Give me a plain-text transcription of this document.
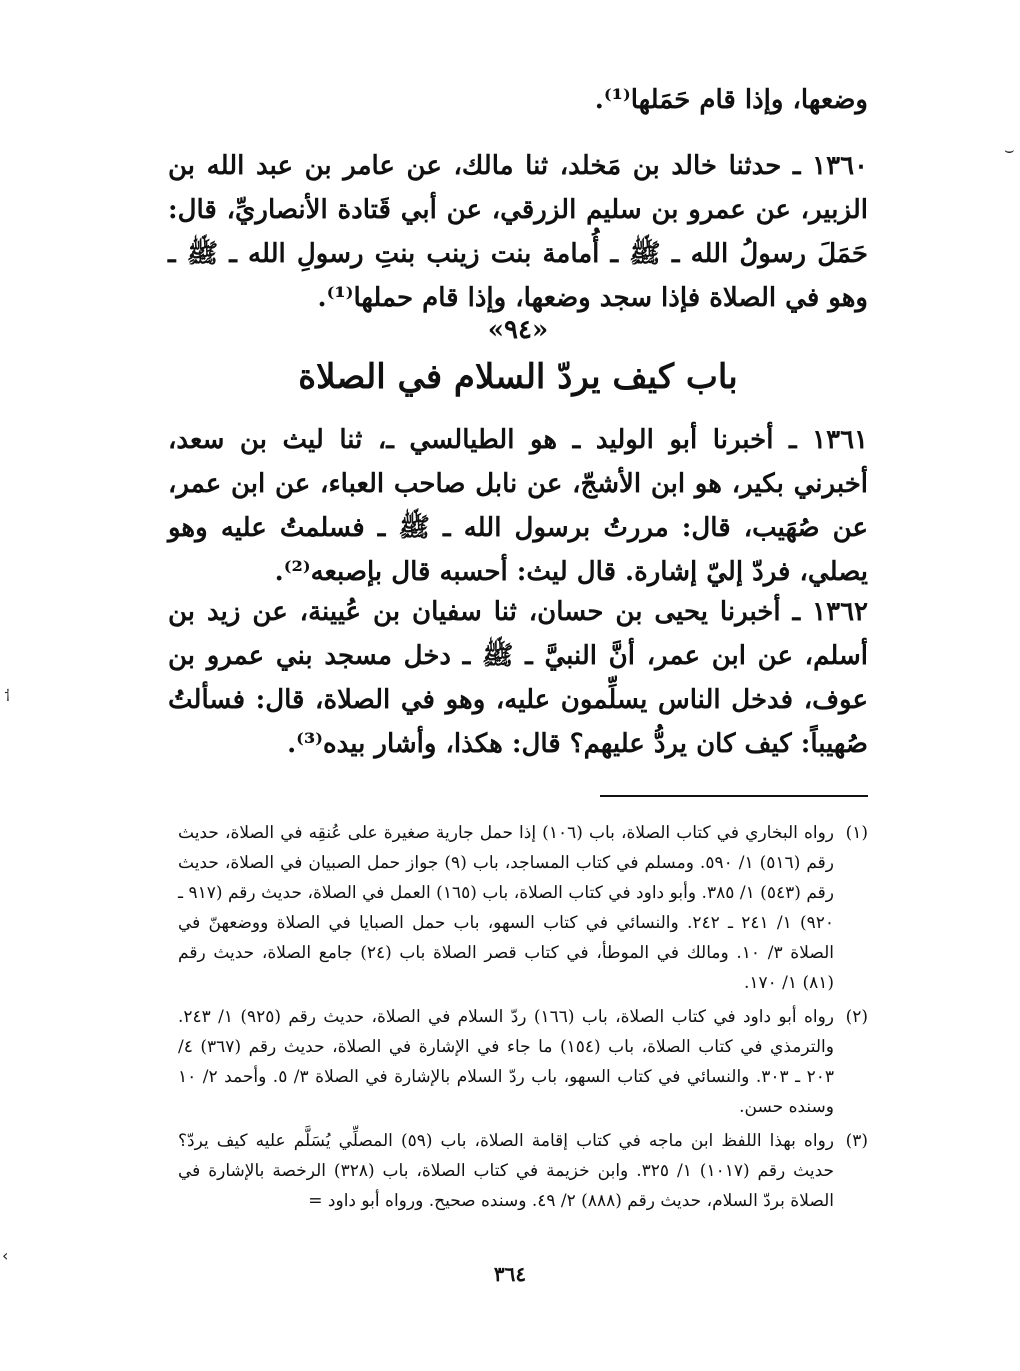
وضعها، وإذا قام حَمَلها⁽¹⁾.
١٣٦٠ ـ حدثنا خالد بن مَخلد، ثنا مالك، عن عامر بن عبد الله بن الزبير، عن عمرو بن سليم الزرقي، عن أبي قَتادة الأنصاريِّ، قال: حَمَلَ رسولُ الله ـ ﷺ ـ أُمامة بنت زينب بنتِ رسولِ الله ـ ﷺ ـ وهو في الصلاة فإذا سجد وضعها، وإذا قام حملها⁽¹⁾.
«٩٤»
باب كيف يردّ السلام في الصلاة
١٣٦١ ـ أخبرنا أبو الوليد ـ هو الطيالسي ـ، ثنا ليث بن سعد، أخبرني بكير، هو ابن الأشجّ، عن نابل صاحب العباء، عن ابن عمر، عن صُهَيب، قال: مررتُ برسول الله ـ ﷺ ـ فسلمتُ عليه وهو يصلي، فردّ إليّ إشارة. قال ليث: أحسبه قال بإصبعه⁽²⁾.
١٣٦٢ ـ أخبرنا يحيى بن حسان، ثنا سفيان بن عُيينة، عن زيد بن أسلم، عن ابن عمر، أنَّ النبيَّ ـ ﷺ ـ دخل مسجد بني عمرو بن عوف، فدخل الناس يسلِّمون عليه، وهو في الصلاة، قال: فسألتُ صُهيباً: كيف كان يردُّ عليهم؟ قال: هكذا، وأشار بيده⁽³⁾.
(١)
رواه البخاري في كتاب الصلاة، باب (١٠٦) إذا حمل جارية صغيرة على عُنقِه في الصلاة، حديث رقم (٥١٦) ١/ ٥٩٠. ومسلم في كتاب المساجد، باب (٩) جواز حمل الصبيان في الصلاة، حديث رقم (٥٤٣) ١/ ٣٨٥. وأبو داود في كتاب الصلاة، باب (١٦٥) العمل في الصلاة، حديث رقم (٩١٧ ـ ٩٢٠) ١/ ٢٤١ ـ ٢٤٢. والنسائي في كتاب السهو، باب حمل الصبايا في الصلاة ووضعهنّ في الصلاة ٣/ ١٠. ومالك في الموطأ، في كتاب قصر الصلاة باب (٢٤) جامع الصلاة، حديث رقم (٨١) ١/ ١٧٠.
(٢)
رواه أبو داود في كتاب الصلاة، باب (١٦٦) ردّ السلام في الصلاة، حديث رقم (٩٢٥) ١/ ٢٤٣. والترمذي في كتاب الصلاة، باب (١٥٤) ما جاء في الإشارة في الصلاة، حديث رقم (٣٦٧) ٤/ ٢٠٣ ـ ٣٠٣. والنسائي في كتاب السهو، باب ردّ السلام بالإشارة في الصلاة ٣/ ٥. وأحمد ٢/ ١٠ وسنده حسن.
(٣)
رواه بهذا اللفظ ابن ماجه في كتاب إقامة الصلاة، باب (٥٩) المصلِّي يُسَلَّم عليه كيف يردّ؟ حديث رقم (١٠١٧) ١/ ٣٢٥. وابن خزيمة في كتاب الصلاة، باب (٣٢٨) الرخصة بالإشارة في الصلاة بردّ السلام، حديث رقم (٨٨٨) ٢/ ٤٩. وسنده صحيح. ورواه أبو داود =
٣٦٤
⌣
⸶
‹
